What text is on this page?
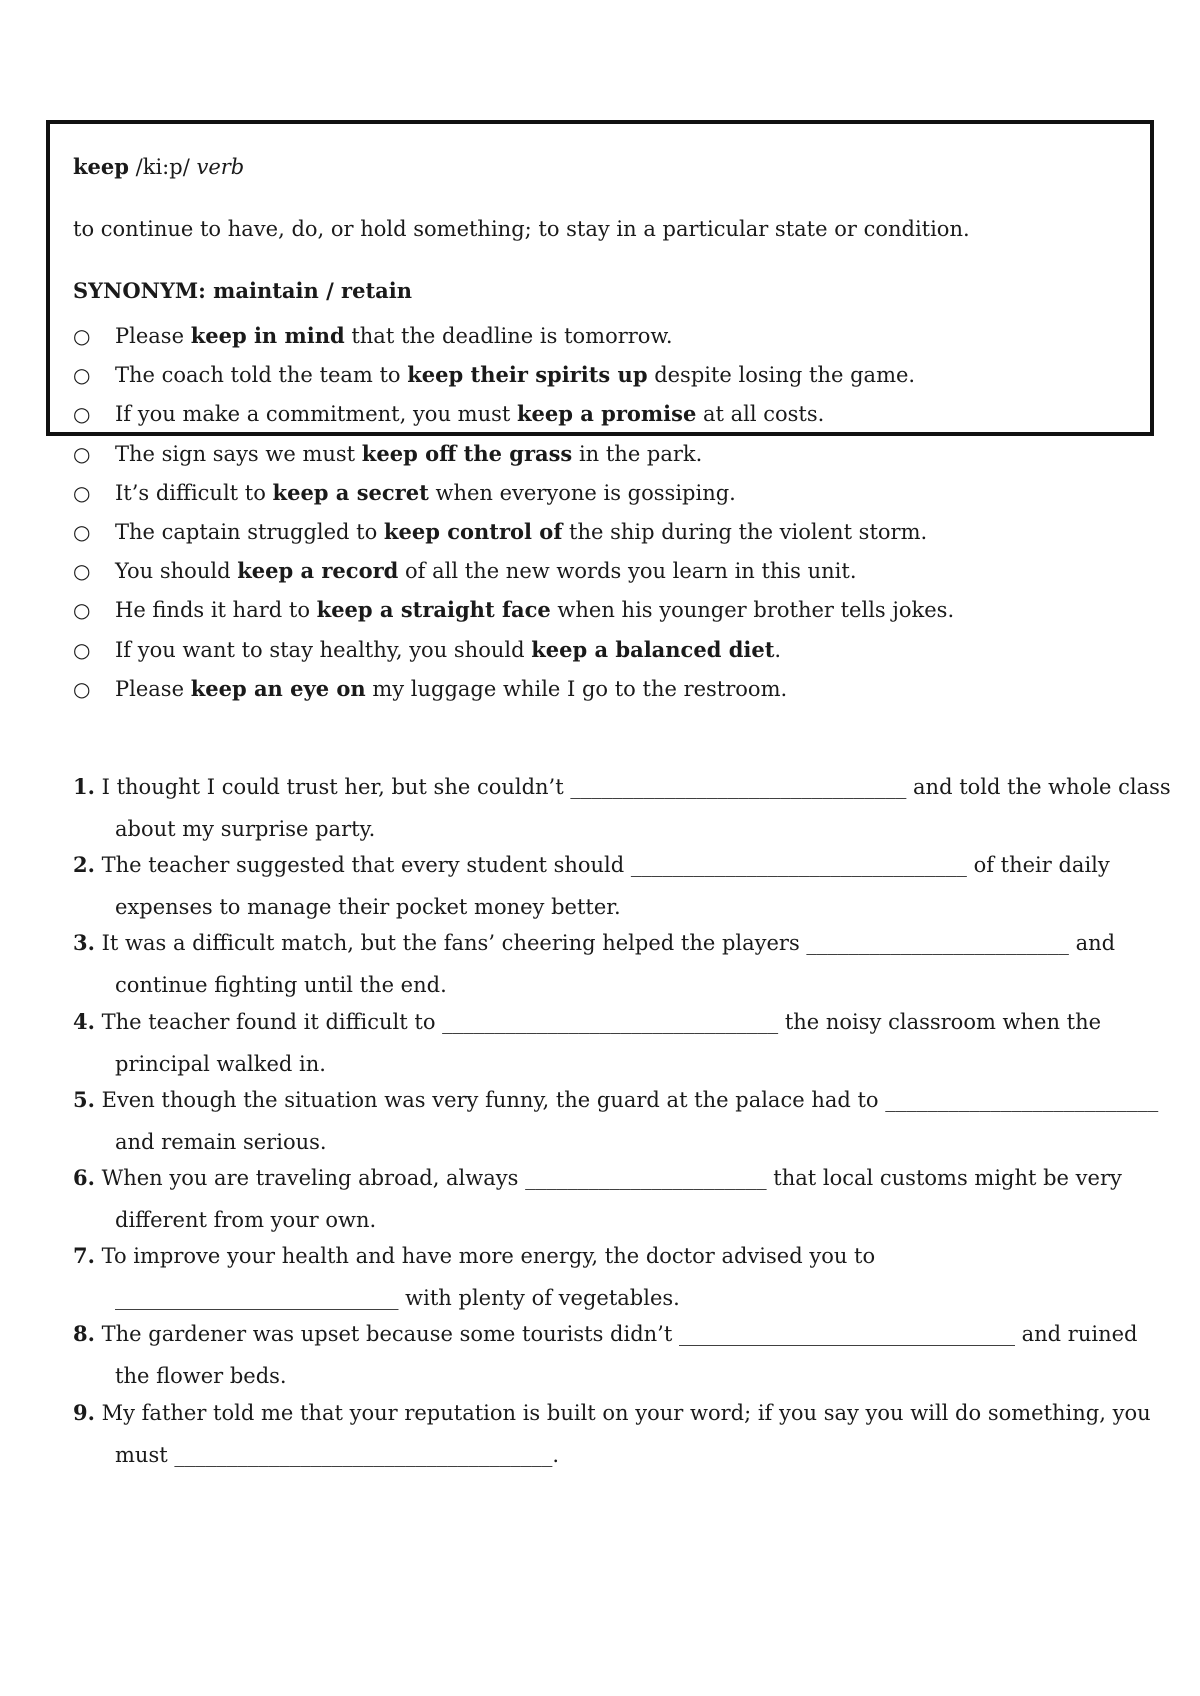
keep /ki:p/ verb
to continue to have, do, or hold something; to stay in a particular state or condition.
SYNONYM: maintain / retain
○ Please keep in mind that the deadline is tomorrow.
○ The coach told the team to keep their spirits up despite losing the game.
○ If you make a commitment, you must keep a promise at all costs.
○ The sign says we must keep off the grass in the park.
○ It’s difficult to keep a secret when everyone is gossiping.
○ The captain struggled to keep control of the ship during the violent storm.
○ You should keep a record of all the new words you learn in this unit.
○ He finds it hard to keep a straight face when his younger brother tells jokes.
○ If you want to stay healthy, you should keep a balanced diet.
○ Please keep an eye on my luggage while I go to the restroom.
1. I thought I could trust her, but she couldn’t ________________________________ and told the whole class
about my surprise party.
2. The teacher suggested that every student should ________________________________ of their daily
expenses to manage their pocket money better.
3. It was a difficult match, but the fans’ cheering helped the players _________________________ and
continue fighting until the end.
4. The teacher found it difficult to ________________________________ the noisy classroom when the
principal walked in.
5. Even though the situation was very funny, the guard at the palace had to __________________________
and remain serious.
6. When you are traveling abroad, always _______________________ that local customs might be very
different from your own.
7. To improve your health and have more energy, the doctor advised you to
___________________________ with plenty of vegetables.
8. The gardener was upset because some tourists didn’t ________________________________ and ruined
the flower beds.
9. My father told me that your reputation is built on your word; if you say you will do something, you
must ____________________________________.
